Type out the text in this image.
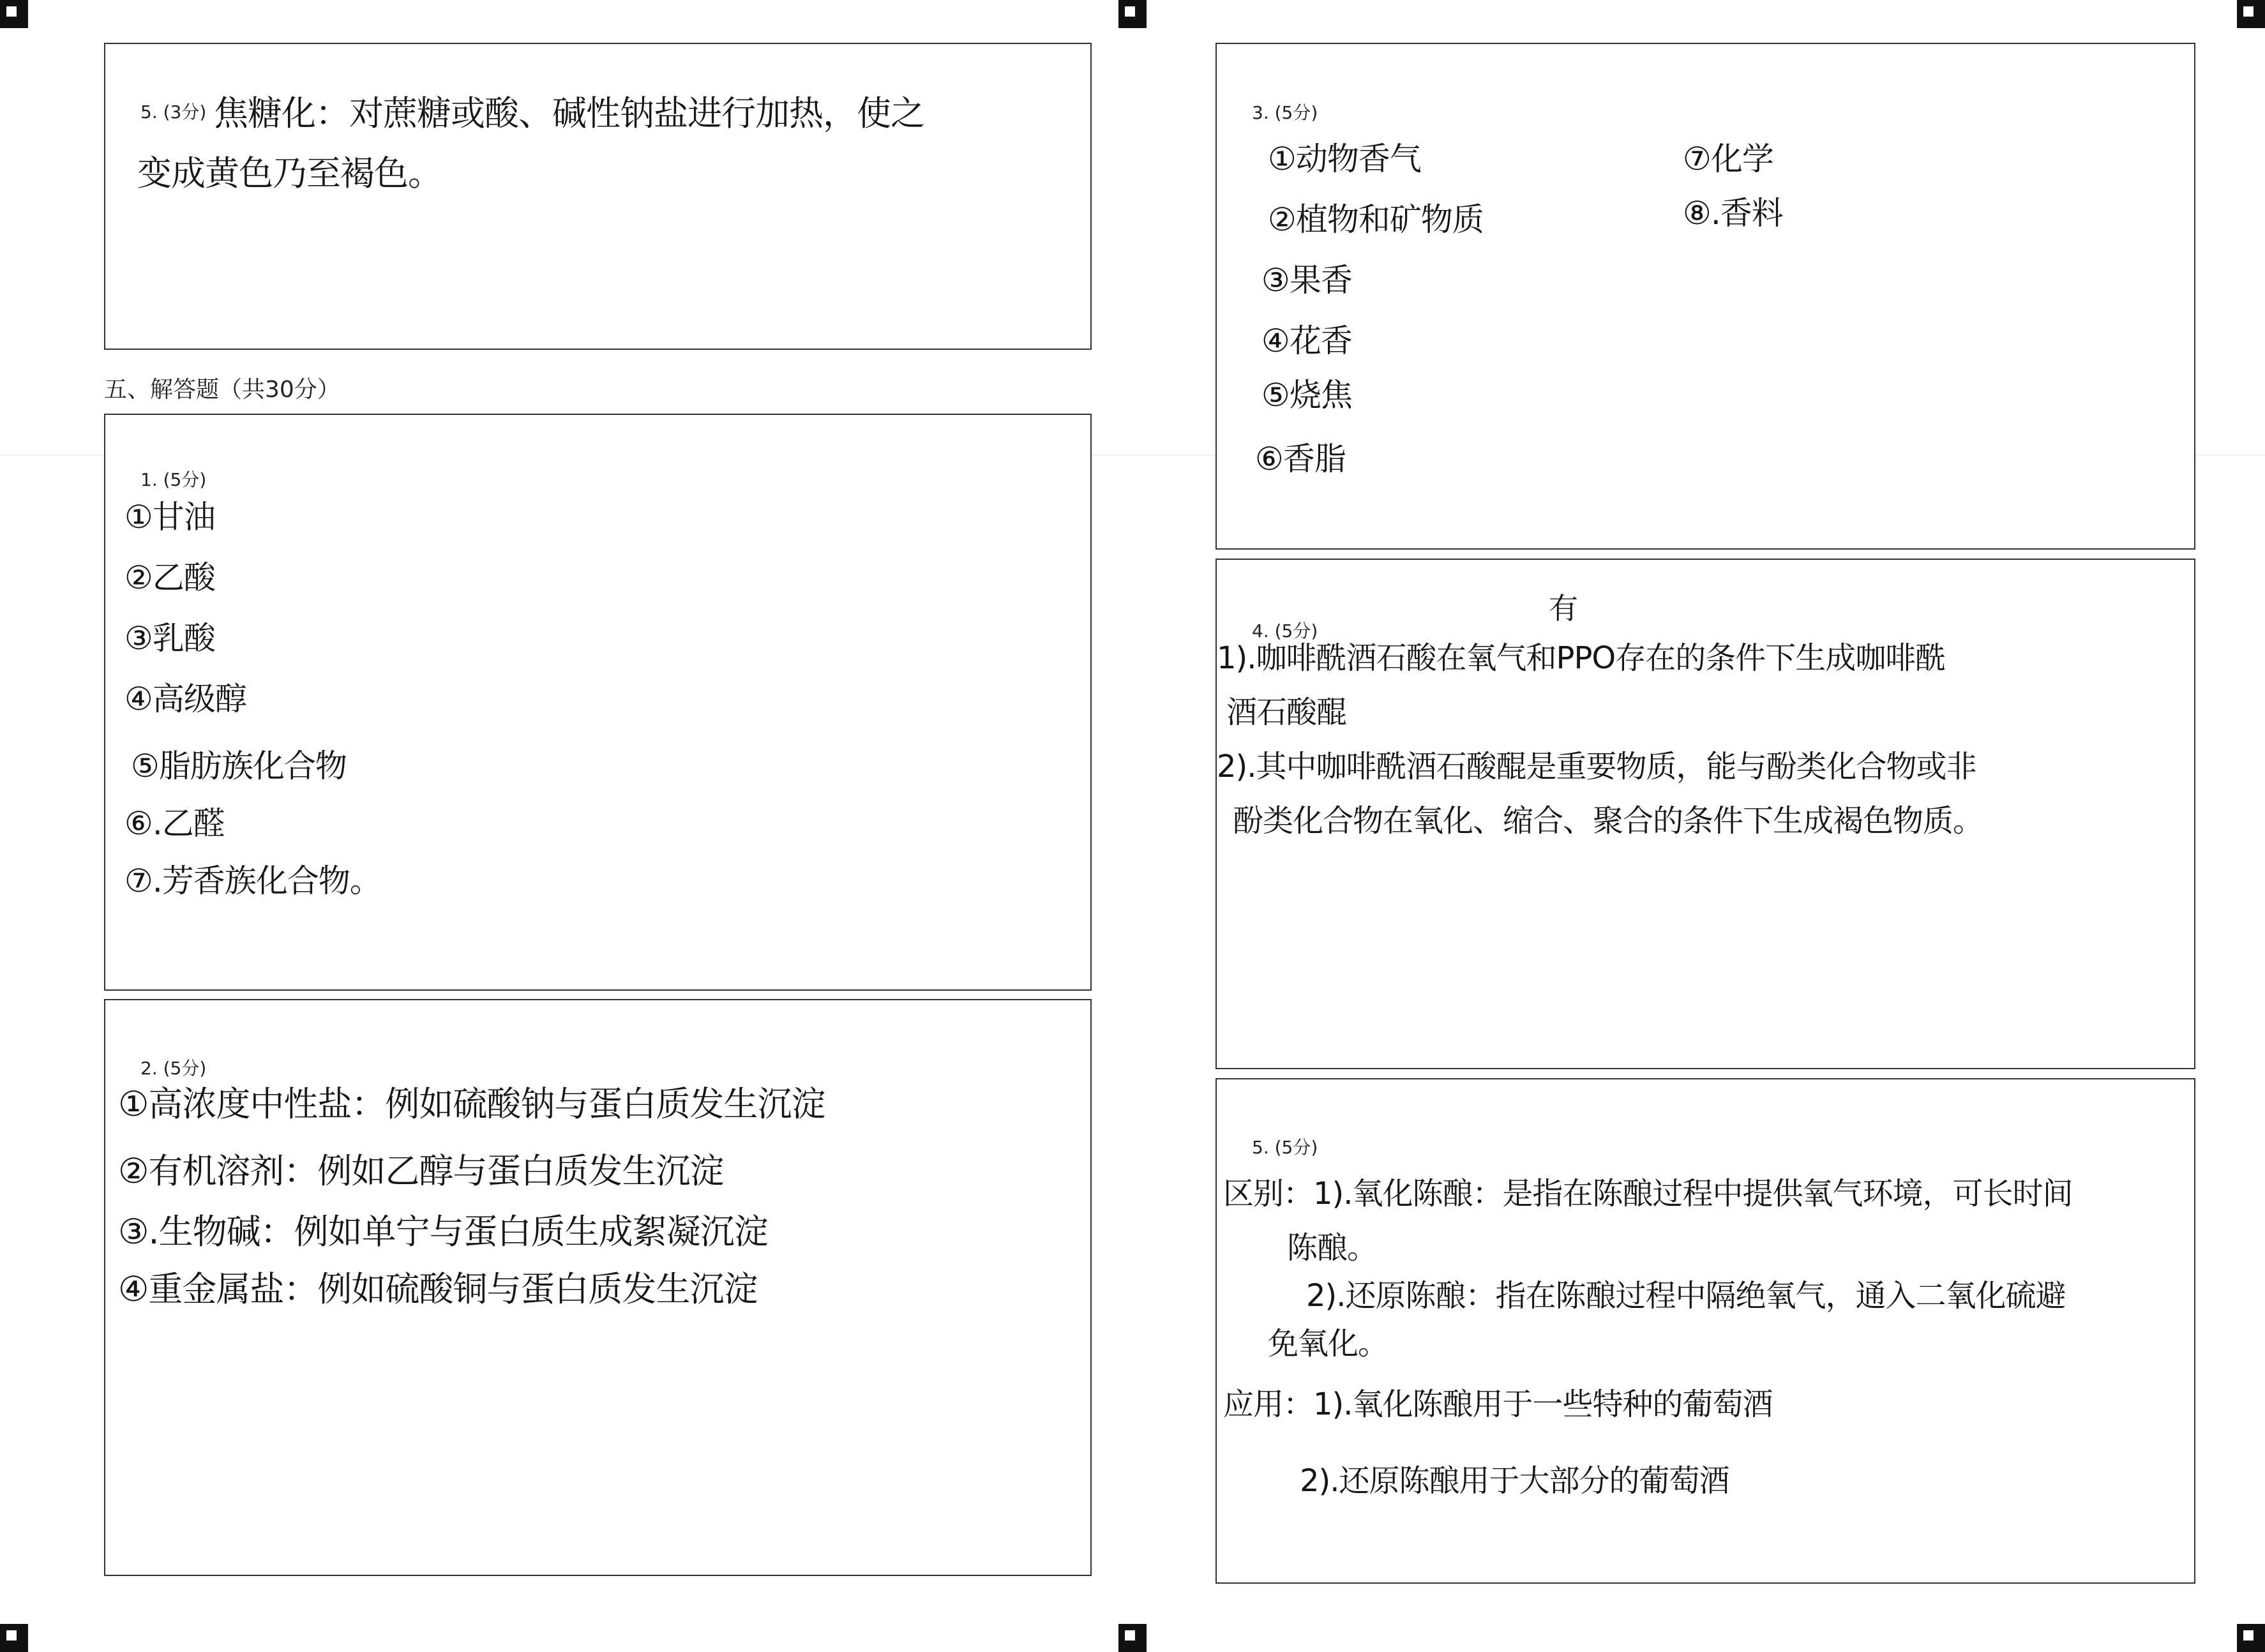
5. (3分) 焦糖化：对蔗糖或酸、碱性钠盐进行加热，使之
变成黄色乃至褐色。
五、解答题（共30分）
1. (5分)
①甘油
②乙酸
③乳酸
④高级醇
⑤脂肪族化合物
⑥.乙醛
⑦.芳香族化合物。
2. (5分)
①高浓度中性盐：例如硫酸钠与蛋白质发生沉淀
②有机溶剂：例如乙醇与蛋白质发生沉淀
③.生物碱：例如单宁与蛋白质生成絮凝沉淀
④重金属盐：例如硫酸铜与蛋白质发生沉淀
3. (5分)
①动物香气
②植物和矿物质
③果香
④花香
⑤烧焦
⑥香脂
⑦化学
⑧.香料
4. (5分)
有
1).咖啡酰酒石酸在氧气和PPO存在的条件下生成咖啡酰
酒石酸醌
2).其中咖啡酰酒石酸醌是重要物质，能与酚类化合物或非
酚类化合物在氧化、缩合、聚合的条件下生成褐色物质。
5. (5分)
区别：1).氧化陈酿：是指在陈酿过程中提供氧气环境，可长时间
陈酿。
2).还原陈酿：指在陈酿过程中隔绝氧气，通入二氧化硫避
免氧化。
应用：1).氧化陈酿用于一些特种的葡萄酒
2).还原陈酿用于大部分的葡萄酒
